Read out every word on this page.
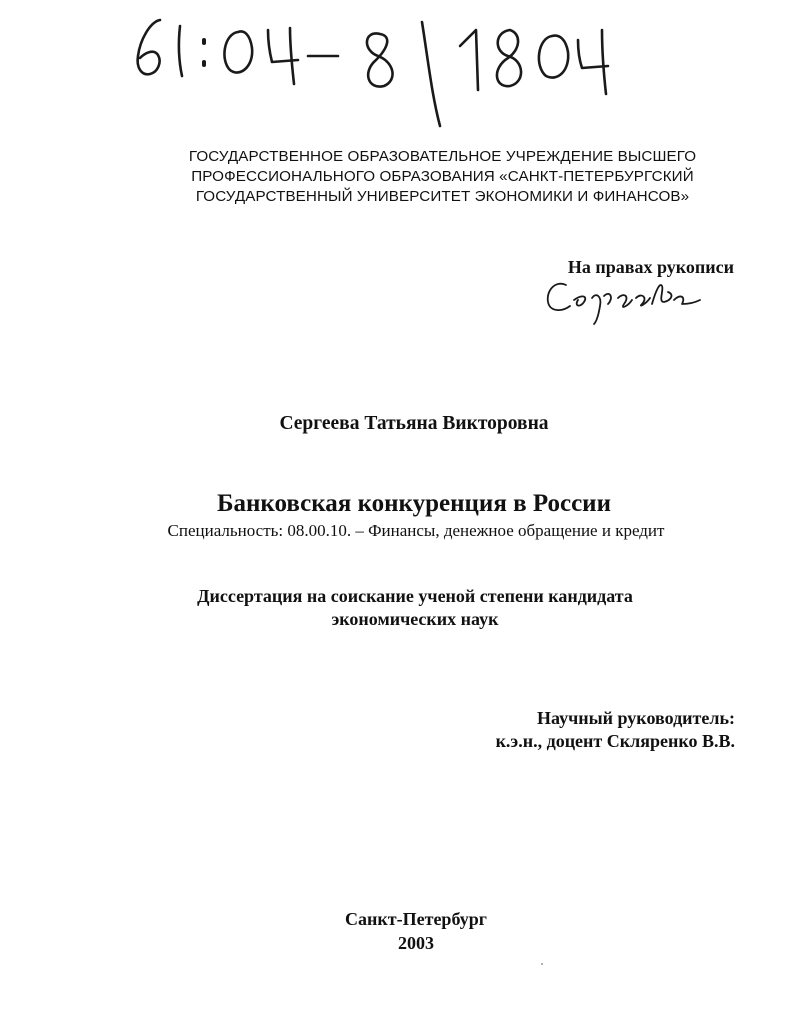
ГОСУДАРСТВЕННОЕ ОБРАЗОВАТЕЛЬНОЕ УЧРЕЖДЕНИЕ ВЫСШЕГО
ПРОФЕССИОНАЛЬНОГО ОБРАЗОВАНИЯ «САНКТ-ПЕТЕРБУРГСКИЙ
ГОСУДАРСТВЕННЫЙ УНИВЕРСИТЕТ ЭКОНОМИКИ И ФИНАНСОВ»
На правах рукописи
Сергеева Татьяна Викторовна
Банковская конкуренция в России
Специальность: 08.00.10. – Финансы, денежное обращение и кредит
Диссертация на соискание ученой степени кандидата
экономических наук
Научный руководитель:
к.э.н., доцент Скляренко В.В.
Санкт-Петербург
2003
